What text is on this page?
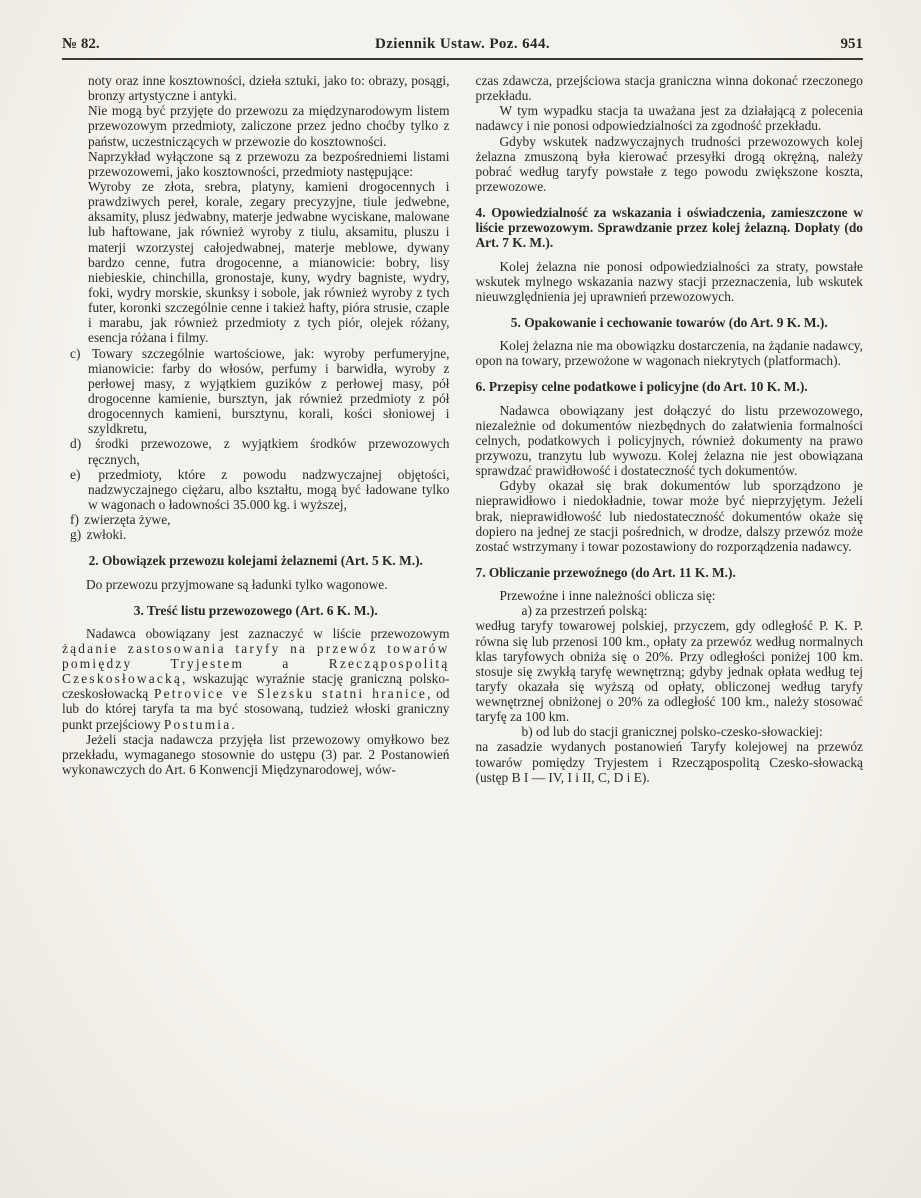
№ 82.	Dziennik Ustaw. Poz. 644.	951
noty oraz inne kosztowności, dzieła sztuki, jako to: obrazy, posągi, bronzy artystyczne i antyki.
Nie mogą być przyjęte do przewozu za międzynarodowym listem przewozowym przedmioty, zaliczone przez jedno choćby tylko z państw, uczestniczących w przewozie do kosztowności.
Naprzykład wyłączone są z przewozu za bezpośredniemi listami przewozowemi, jako kosztowności, przedmioty następujące:
Wyroby ze złota, srebra, platyny, kamieni drogocennych i prawdziwych pereł, korale, zegary precyzyjne, tiule jedwebne, aksamity, plusz jedwabny, materje jedwabne wyciskane, malowane lub haftowane, jak również wyroby z tiulu, aksamitu, pluszu i materji wzorzystej całojedwabnej, materje meblowe, dywany bardzo cenne, futra drogocenne, a mianowicie: bobry, lisy niebieskie, chinchilla, gronostaje, kuny, wydry bagniste, wydry, foki, wydry morskie, skunksy i sobole, jak również wyroby z tych futer, koronki szczególnie cenne i takież hafty, pióra strusie, czaple i marabu, jak również przedmioty z tych piór, olejek różany, esencja różana i filmy.
c) Towary szczególnie wartościowe, jak: wyroby perfumeryjne, mianowicie: farby do włosów, perfumy i barwidła, wyroby z perłowej masy, z wyjątkiem guzików z perłowej masy, pół drogocenne kamienie, bursztyn, jak również przedmioty z pół drogocennych kamieni, bursztynu, korali, kości słoniowej i szyldkretu,
d) środki przewozowe, z wyjątkiem środków przewozowych ręcznych,
e) przedmioty, które z powodu nadzwyczajnej objętości, nadzwyczajnego ciężaru, albo kształtu, mogą być ładowane tylko w wagonach o ładowności 35.000 kg. i wyższej,
f) zwierzęta żywe,
g) zwłoki.
2. Obowiązek przewozu kolejami żelaznemi (Art. 5 K. M.).
Do przewozu przyjmowane są ładunki tylko wagonowe.
3. Treść listu przewozowego (Art. 6 K. M.).
Nadawca obowiązany jest zaznaczyć w liście przewozowym żądanie zastosowania taryfy na przewóz towarów pomiędzy Tryjestem a Rzecząpospolitą Czeskosłowacką, wskazując wyraźnie stację graniczną polsko-czeskosłowacką Petrovice ve Slezsku statni hranice, od lub do której taryfa ta ma być stosowaną, tudzież włoski graniczny punkt przejściowy Postumia.
Jeżeli stacja nadawcza przyjęła list przewozowy omyłkowo bez przekładu, wymaganego stosownie do ustępu (3) par. 2 Postanowień wykonawczych do Art. 6 Konwencji Międzynarodowej, wów-
czas zdawcza, przejściowa stacja graniczna winna dokonać rzeczonego przekładu.
W tym wypadku stacja ta uważana jest za działającą z polecenia nadawcy i nie ponosi odpowiedzialności za zgodność przekładu.
Gdyby wskutek nadzwyczajnych trudności przewozowych kolej żelazna zmuszoną była kierować przesyłki drogą okrężną, należy pobrać według taryfy powstałe z tego powodu zwiększone koszta, przewozowe.
4. Opowiedzialność za wskazania i oświadczenia, zamieszczone w liście przewozowym. Sprawdzanie przez kolej żelazną. Dopłaty (do Art. 7 K. M.).
Kolej żelazna nie ponosi odpowiedzialności za straty, powstałe wskutek mylnego wskazania nazwy stacji przeznaczenia, lub wskutek nieuwzględnienia jej uprawnień przewozowych.
5. Opakowanie i cechowanie towarów (do Art. 9 K. M.).
Kolej żelazna nie ma obowiązku dostarczenia, na żądanie nadawcy, opon na towary, przewożone w wagonach niekrytych (platformach).
6. Przepisy celne podatkowe i policyjne (do Art. 10 K. M.).
Nadawca obowiązany jest dołączyć do listu przewozowego, niezależnie od dokumentów niezbędnych do załatwienia formalności celnych, podatkowych i policyjnych, również dokumenty na prawo przywozu, tranzytu lub wywozu. Kolej żelazna nie jest obowiązana sprawdzać prawidłowość i dostateczność tych dokumentów.
Gdyby okazał się brak dokumentów lub sporządzono je nieprawidłowo i niedokładnie, towar może być nieprzyjętym. Jeżeli brak, nieprawidłowość lub niedostateczność dokumentów okaże się dopiero na jednej ze stacji pośrednich, w drodze, dalszy przewóz może zostać wstrzymany i towar pozostawiony do rozporządzenia nadawcy.
7. Obliczanie przewoźnego (do Art. 11 K. M.).
Przewoźne i inne należności oblicza się:
a) za przestrzeń polską:
według taryfy towarowej polskiej, przyczem, gdy odległość P. K. P. równa się lub przenosi 100 km., opłaty za przewóz według normalnych klas taryfowych obniża się o 20%. Przy odległości poniżej 100 km. stosuje się zwykłą taryfę wewnętrzną; gdyby jednak opłata według tej taryfy okazała się wyższą od opłaty, obliczonej według taryfy wewnętrznej obniżonej o 20% za odległość 100 km., należy stosować taryfę za 100 km.
b) od lub do stacji granicznej polsko-czesko-słowackiej:
na zasadzie wydanych postanowień Taryfy kolejowej na przewóz towarów pomiędzy Tryjestem i Rzecząpospolitą Czesko-słowacką (ustęp B I — IV, I i II, C, D i E).
